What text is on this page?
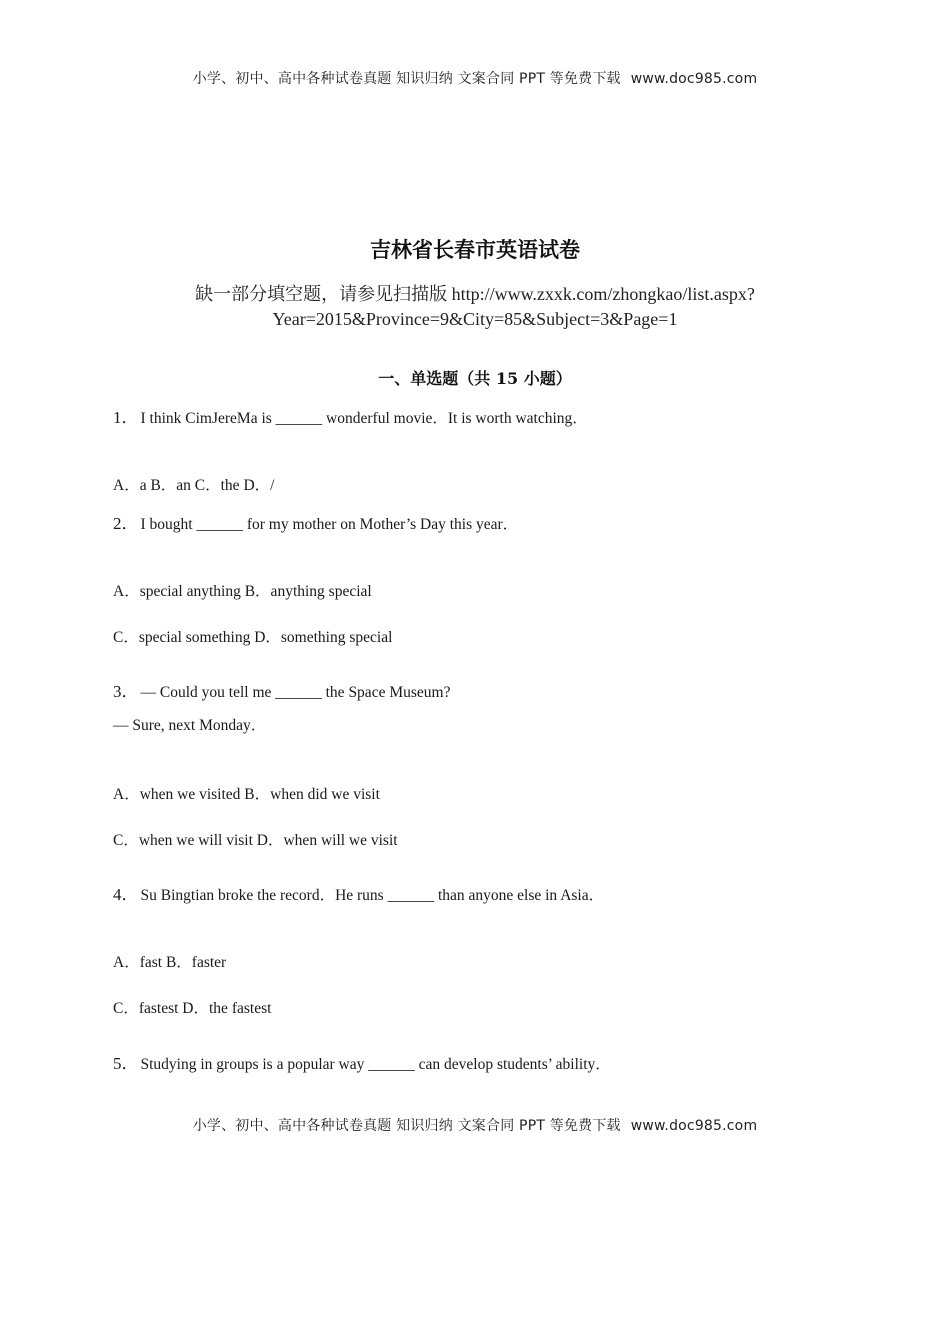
小学、初中、高中各种试卷真题 知识归纳 文案合同 PPT 等免费下载 www.doc985.com
吉林省长春市英语试卷
缺一部分填空题，请参见扫描版 http://www.zxxk.com/zhongkao/list.aspx?
Year=2015&Province=9&City=85&Subject=3&Page=1
一、单选题（共 15 小题）
1． I think CimJereMa is ______ wonderful movie．It is worth watching．
A．a B．an C．the D．/
2． I bought ______ for my mother on Mother’s Day this year．
A．special anything B．anything special
C．special something D．something special
3． — Could you tell me ______ the Space Museum?
— Sure, next Monday．
A．when we visited B．when did we visit
C．when we will visit D．when will we visit
4． Su Bingtian broke the record．He runs ______ than anyone else in Asia．
A．fast B．faster
C．fastest D．the fastest
5． Studying in groups is a popular way ______ can develop students’ ability．
小学、初中、高中各种试卷真题 知识归纳 文案合同 PPT 等免费下载 www.doc985.com
